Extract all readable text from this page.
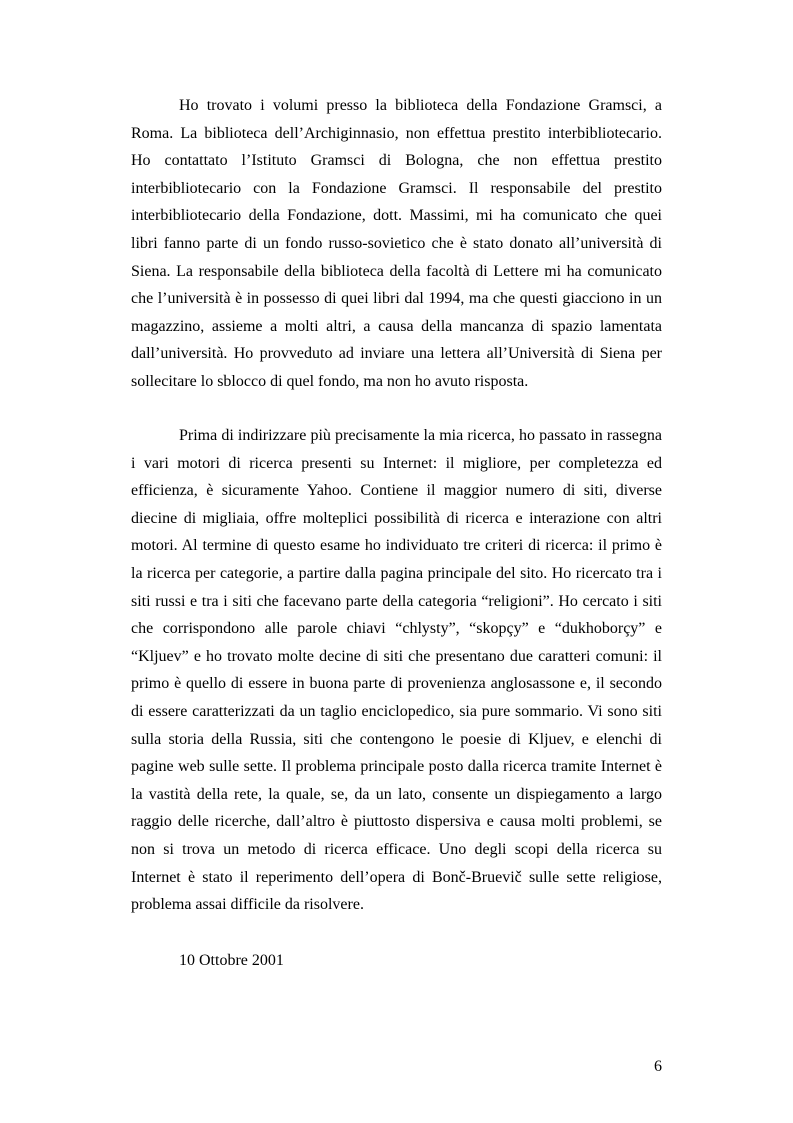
Ho trovato i volumi presso la biblioteca della Fondazione Gramsci, a
Roma. La biblioteca dell’Archiginnasio, non effettua prestito interbibliotecario.
Ho contattato l’Istituto Gramsci di Bologna, che non effettua prestito
interbibliotecario con la Fondazione Gramsci. Il responsabile del prestito
interbibliotecario della Fondazione, dott. Massimi, mi ha comunicato che quei
libri fanno parte di un fondo russo-sovietico che è stato donato all’università di
Siena. La responsabile della biblioteca della facoltà di Lettere mi ha comunicato
che l’università è in possesso di quei libri dal 1994, ma che questi giacciono in un
magazzino, assieme a molti altri, a causa della mancanza di spazio lamentata
dall’università. Ho provveduto ad inviare una lettera all’Università di Siena per
sollecitare lo sblocco di quel fondo, ma non ho avuto risposta.
Prima di indirizzare più precisamente la mia ricerca, ho passato in rassegna
i vari motori di ricerca presenti su Internet: il migliore, per completezza ed
efficienza, è sicuramente Yahoo. Contiene il maggior numero di siti, diverse
diecine di migliaia, offre molteplici possibilità di ricerca e interazione con altri
motori. Al termine di questo esame ho individuato tre criteri di ricerca: il primo è
la ricerca per categorie, a partire dalla pagina principale del sito. Ho ricercato tra i
siti russi e tra i siti che facevano parte della categoria “religioni”. Ho cercato i siti
che corrispondono alle parole chiavi “chlysty”, “skopçy” e “dukhoborçy” e
“Kljuev” e ho trovato molte decine di siti che presentano due caratteri comuni: il
primo è quello di essere in buona parte di provenienza anglosassone e, il secondo
di essere caratterizzati da un taglio enciclopedico, sia pure sommario. Vi sono siti
sulla storia della Russia, siti che contengono le poesie di Kljuev, e elenchi di
pagine web sulle sette. Il problema principale posto dalla ricerca tramite Internet è
la vastità della rete, la quale, se, da un lato, consente un dispiegamento a largo
raggio delle ricerche, dall’altro è piuttosto dispersiva e causa molti problemi, se
non si trova un metodo di ricerca efficace. Uno degli scopi della ricerca su
Internet è stato il reperimento dell’opera di Bonč-Bruevič sulle sette religiose,
problema assai difficile da risolvere.
10 Ottobre 2001
6
